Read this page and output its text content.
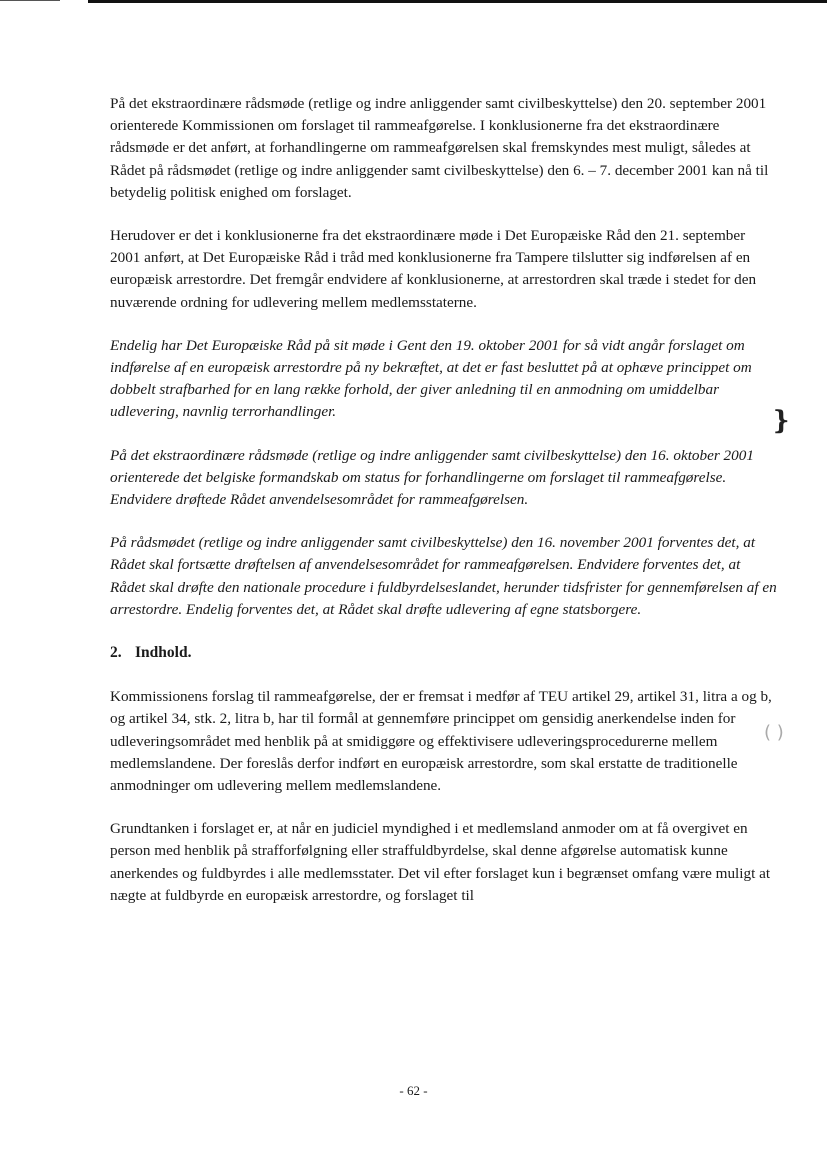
På det ekstraordinære rådsmøde (retlige og indre anliggender samt civilbeskyttelse) den 20. september 2001 orienterede Kommissionen om forslaget til rammeafgørelse. I konklusionerne fra det ekstraordinære rådsmøde er det anført, at forhandlingerne om rammeafgørelsen skal fremskyndes mest muligt, således at Rådet på rådsmødet (retlige og indre anliggender samt civilbeskyttelse) den 6. – 7. december 2001 kan nå til betydelig politisk enighed om forslaget.

Herudover er det i konklusionerne fra det ekstraordinære møde i Det Europæiske Råd den 21. september 2001 anført, at Det Europæiske Råd i tråd med konklusionerne fra Tampere tilslutter sig indførelsen af en europæisk arrestordre. Det fremgår endvidere af konklusionerne, at arrestordren skal træde i stedet for den nuværende ordning for udlevering mellem medlemsstaterne.

Endelig har Det Europæiske Råd på sit møde i Gent den 19. oktober 2001 for så vidt angår forslaget om indførelse af en europæisk arrestordre på ny bekræftet, at det er fast besluttet på at ophæve princippet om dobbelt strafbarhed for en lang række forhold, der giver anledning til en anmodning om umiddelbar udlevering, navnlig terrorhandlinger.

På det ekstraordinære rådsmøde (retlige og indre anliggender samt civilbeskyttelse) den 16. oktober 2001 orienterede det belgiske formandskab om status for forhandlingerne om forslaget til rammeafgørelse. Endvidere drøftede Rådet anvendelsesområdet for rammeafgørelsen.

På rådsmødet (retlige og indre anliggender samt civilbeskyttelse) den 16. november 2001 forventes det, at Rådet skal fortsætte drøftelsen af anvendelsesområdet for rammeafgørelsen. Endvidere forventes det, at Rådet skal drøfte den nationale procedure i fuldbyrdelseslandet, herunder tidsfrister for gennemførelsen af en arrestordre. Endelig forventes det, at Rådet skal drøfte udlevering af egne statsborgere.

2. Indhold.

Kommissionens forslag til rammeafgørelse, der er fremsat i medfør af TEU artikel 29, artikel 31, litra a og b, og artikel 34, stk. 2, litra b, har til formål at gennemføre princippet om gensidig anerkendelse inden for udleveringsområdet med henblik på at smidiggøre og effektivisere udleveringsprocedurerne mellem medlemslandene. Der foreslås derfor indført en europæisk arrestordre, som skal erstatte de traditionelle anmodninger om udlevering mellem medlemslandene.

Grundtanken i forslaget er, at når en judiciel myndighed i et medlemsland anmoder om at få overgivet en person med henblik på strafforfølgning eller straffuldbyrdelse, skal denne afgørelse automatisk kunne anerkendes og fuldbyrdes i alle medlemsstater. Det vil efter forslaget kun i begrænset omfang være muligt at nægte at fuldbyrde en europæisk arrestordre, og forslaget til

❵
( )
- 62 -
